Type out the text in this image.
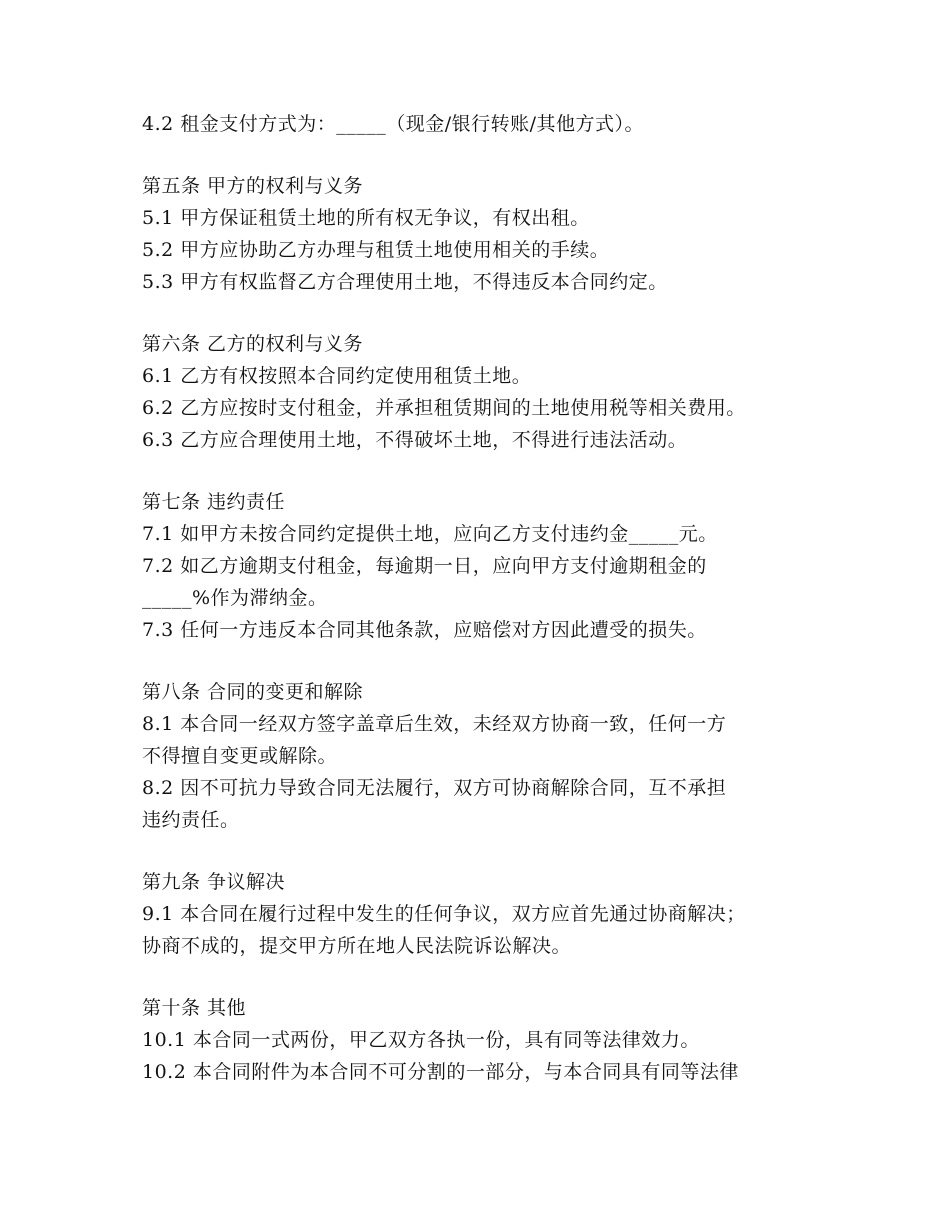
4.2 租金支付方式为：_____（现金/银行转账/其他方式）。
第五条 甲方的权利与义务
5.1 甲方保证租赁土地的所有权无争议，有权出租。
5.2 甲方应协助乙方办理与租赁土地使用相关的手续。
5.3 甲方有权监督乙方合理使用土地，不得违反本合同约定。
第六条 乙方的权利与义务
6.1 乙方有权按照本合同约定使用租赁土地。
6.2 乙方应按时支付租金，并承担租赁期间的土地使用税等相关费用。
6.3 乙方应合理使用土地，不得破坏土地，不得进行违法活动。
第七条 违约责任
7.1 如甲方未按合同约定提供土地，应向乙方支付违约金_____元。
7.2 如乙方逾期支付租金，每逾期一日，应向甲方支付逾期租金的
_____%作为滞纳金。
7.3 任何一方违反本合同其他条款，应赔偿对方因此遭受的损失。
第八条 合同的变更和解除
8.1 本合同一经双方签字盖章后生效，未经双方协商一致，任何一方
不得擅自变更或解除。
8.2 因不可抗力导致合同无法履行，双方可协商解除合同，互不承担
违约责任。
第九条 争议解决
9.1 本合同在履行过程中发生的任何争议，双方应首先通过协商解决；
协商不成的，提交甲方所在地人民法院诉讼解决。
第十条 其他
10.1 本合同一式两份，甲乙双方各执一份，具有同等法律效力。
10.2 本合同附件为本合同不可分割的一部分，与本合同具有同等法律
